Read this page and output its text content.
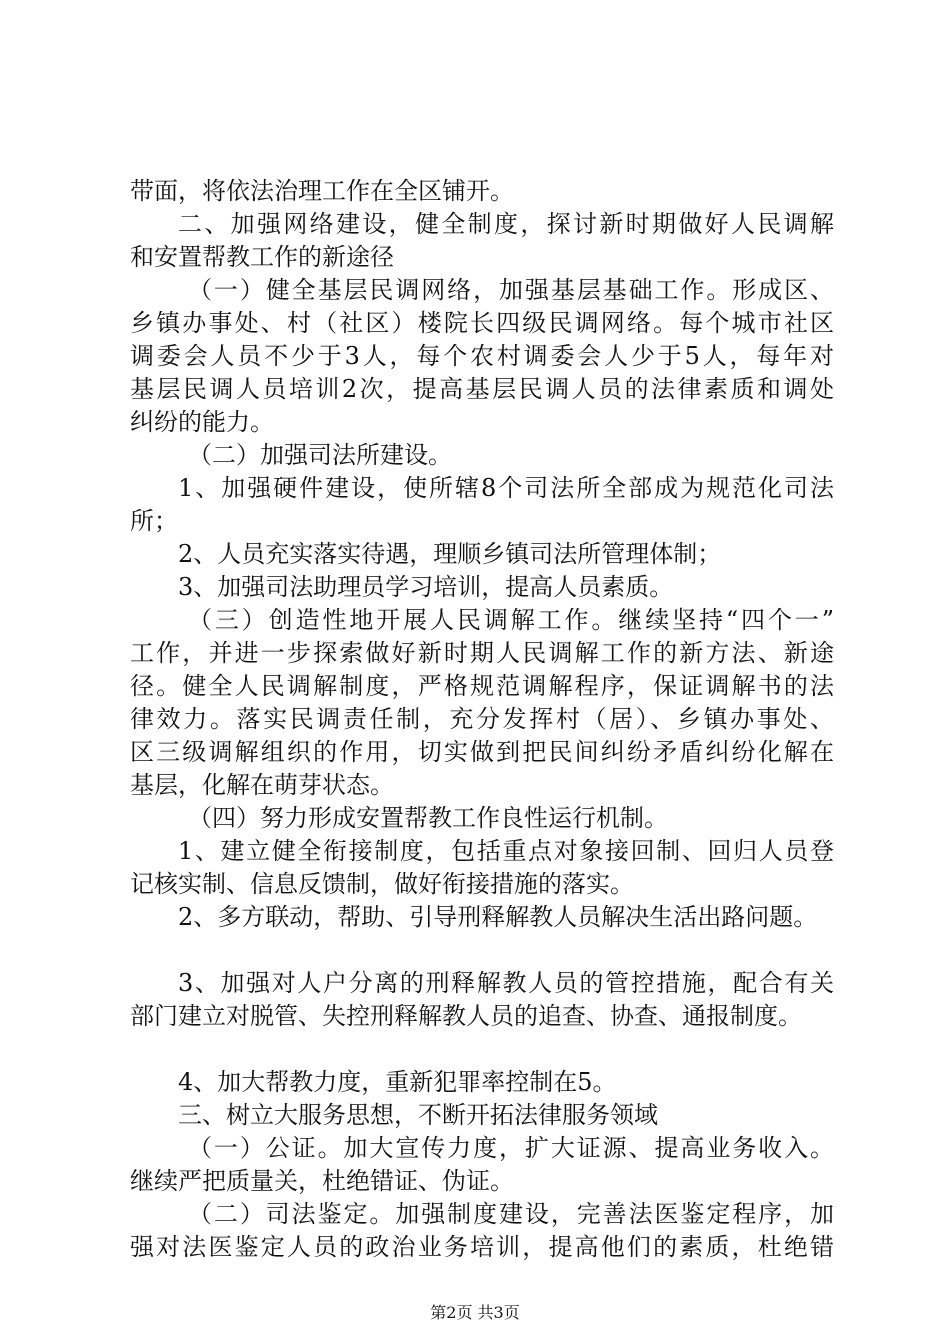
带面，将依法治理工作在全区铺开。
二、加强网络建设，健全制度，探讨新时期做好人民调解
和安置帮教工作的新途径
（一）健全基层民调网络，加强基层基础工作。形成区、
乡镇办事处、村（社区）楼院长四级民调网络。每个城市社区
调委会人员不少于3人，每个农村调委会人少于5人，每年对
基层民调人员培训2次，提高基层民调人员的法律素质和调处
纠纷的能力。
（二）加强司法所建设。
1、加强硬件建设，使所辖8个司法所全部成为规范化司法
所；
2、人员充实落实待遇，理顺乡镇司法所管理体制；
3、加强司法助理员学习培训，提高人员素质。
（三）创造性地开展人民调解工作。继续坚持“四个一”
工作，并进一步探索做好新时期人民调解工作的新方法、新途
径。健全人民调解制度，严格规范调解程序，保证调解书的法
律效力。落实民调责任制，充分发挥村（居）、乡镇办事处、
区三级调解组织的作用，切实做到把民间纠纷矛盾纠纷化解在
基层，化解在萌芽状态。
（四）努力形成安置帮教工作良性运行机制。
1、建立健全衔接制度，包括重点对象接回制、回归人员登
记核实制、信息反馈制，做好衔接措施的落实。
2、多方联动，帮助、引导刑释解教人员解决生活出路问题。
3、加强对人户分离的刑释解教人员的管控措施，配合有关
部门建立对脱管、失控刑释解教人员的追查、协查、通报制度。
4、加大帮教力度，重新犯罪率控制在5。
三、树立大服务思想，不断开拓法律服务领域
（一）公证。加大宣传力度，扩大证源、提高业务收入。
继续严把质量关，杜绝错证、伪证。
（二）司法鉴定。加强制度建设，完善法医鉴定程序，加
强对法医鉴定人员的政治业务培训，提高他们的素质，杜绝错
第2页 共3页
